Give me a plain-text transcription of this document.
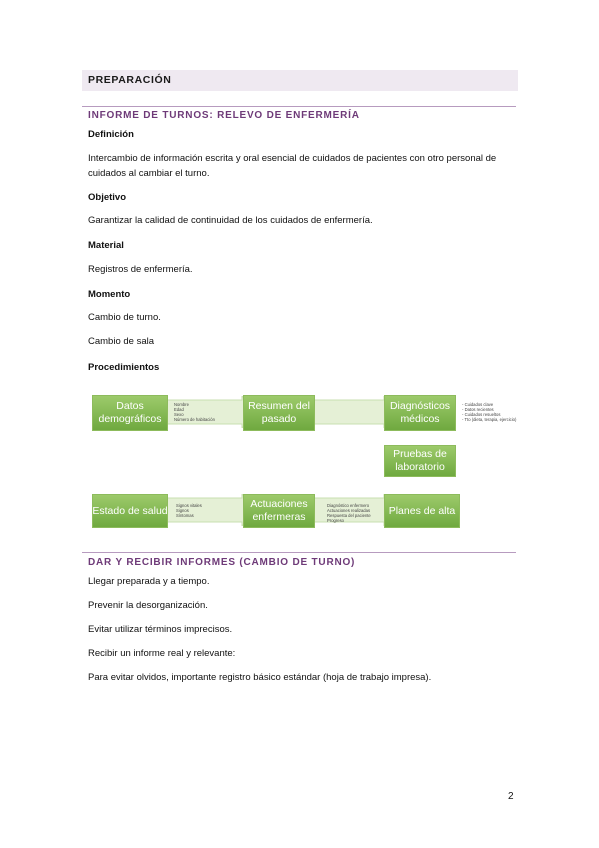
PREPARACIÓN
INFORME DE TURNOS: RELEVO DE ENFERMERÍA
Definición
Intercambio de información escrita y oral esencial de cuidados de pacientes con otro personal de
cuidados al cambiar el turno.
Objetivo
Garantizar la calidad de continuidad de los cuidados de enfermería.
Material
Registros de enfermería.
Momento
Cambio de turno.
Cambio de sala
Procedimientos
Datos
demográficos
Nombre
Edad
Sexo
Número de habitación
Resumen del
pasado
Diagnósticos
médicos
- Cuidados clave
- Datos recientes
- Cuidados resueltos
- Tto (dieta, terapia, ejercicio)
Pruebas de
laboratorio
Estado de salud Signos vitales
Signos
Síntomas
Actuaciones
enfermeras
Diagnóstico enfermero
Actuaciones realizadas
Respuesta del paciente
Progreso
Planes de alta
DAR Y RECIBIR INFORMES (CAMBIO DE TURNO)
Llegar preparada y a tiempo.
Prevenir la desorganización.
Evitar utilizar términos imprecisos.
Recibir un informe real y relevante:
Para evitar olvidos, importante registro básico estándar (hoja de trabajo impresa).
2
